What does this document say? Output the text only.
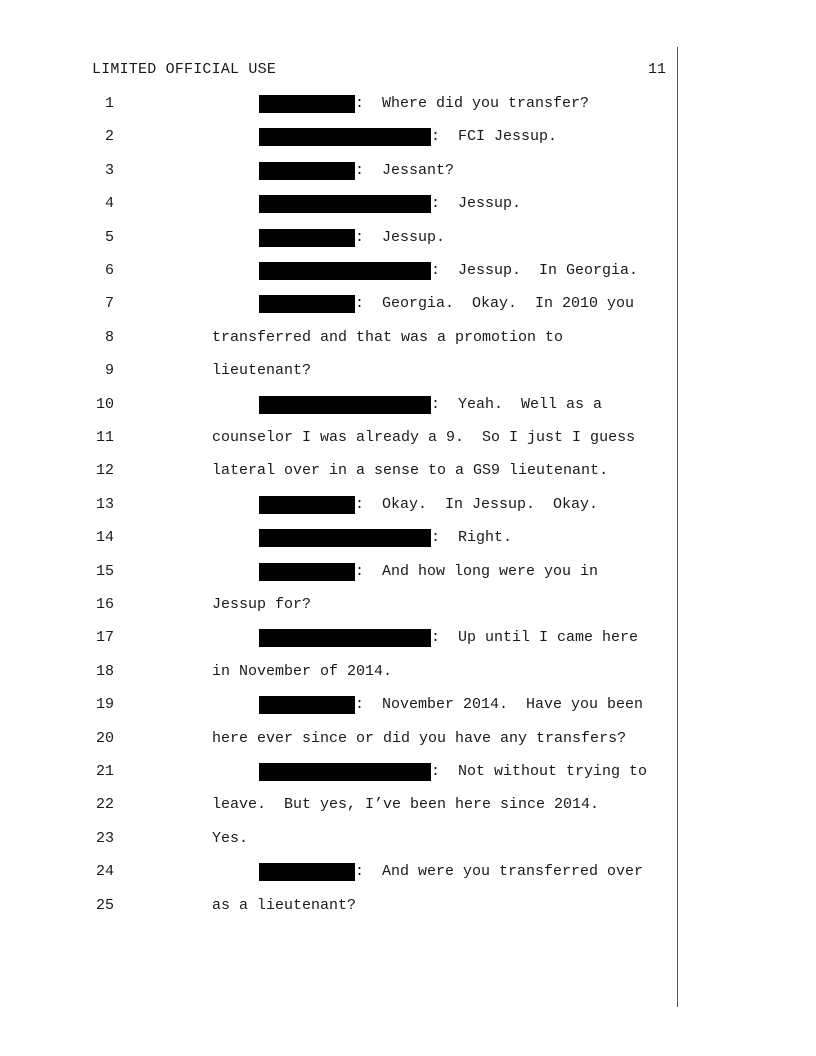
LIMITED OFFICIAL USE	11
1	:  Where did you transfer?
2	:  FCI Jessup.
3	:  Jessant?
4	:  Jessup.
5	:  Jessup.
6	:  Jessup.  In Georgia.
7	:  Georgia.  Okay.  In 2010 you
8	transferred and that was a promotion to
9	lieutenant?
10	:  Yeah.  Well as a
11	counselor I was already a 9.  So I just I guess
12	lateral over in a sense to a GS9 lieutenant.
13	:  Okay.  In Jessup.  Okay.
14	:  Right.
15	:  And how long were you in
16	Jessup for?
17	:  Up until I came here
18	in November of 2014.
19	:  November 2014.  Have you been
20	here ever since or did you have any transfers?
21	:  Not without trying to
22	leave.  But yes, I’ve been here since 2014.
23	Yes.
24	:  And were you transferred over
25	as a lieutenant?
